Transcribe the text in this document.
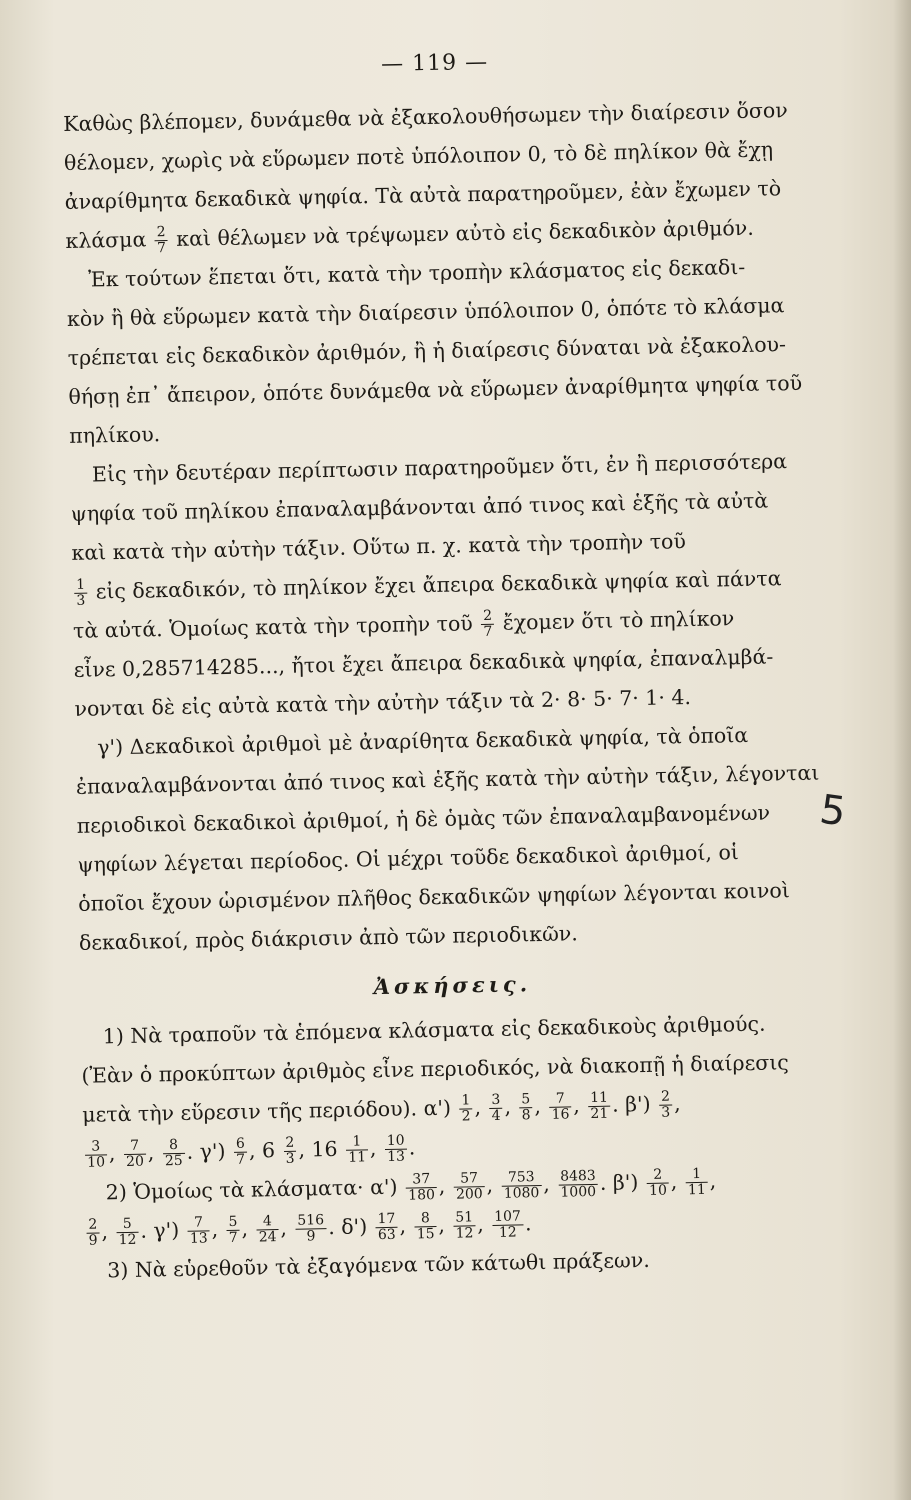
— 119 —
Καθὼς βλέπομεν, δυνάμεθα νὰ ἐξακολουθήσωμεν τὴν διαίρεσιν ὅσον
θέλομεν, χωρὶς νὰ εὕρωμεν ποτὲ ὑπόλοιπον 0, τὸ δὲ πηλίκον θὰ ἔχῃ
ἀναρίθμητα δεκαδικὰ ψηφία. Τὰ αὐτὰ παρατηροῦμεν, ἐὰν ἔχωμεν τὸ
κλάσμα $\frac{2}{7}$ καὶ θέλωμεν νὰ τρέψωμεν αὐτὸ εἰς δεκαδικὸν ἀριθμόν.
Ἐκ τούτων ἕπεται ὅτι, κατὰ τὴν τροπὴν κλάσματος εἰς δεκαδι-
κὸν ἢ θὰ εὕρωμεν κατὰ τὴν διαίρεσιν ὑπόλοιπον 0, ὁπότε τὸ κλάσμα
τρέπεται εἰς δεκαδικὸν ἀριθμόν, ἢ ἡ διαίρεσις δύναται νὰ ἐξακολου-
θήσῃ ἐπ᾽ ἄπειρον, ὁπότε δυνάμεθα νὰ εὕρωμεν ἀναρίθμητα ψηφία τοῦ
πηλίκου.
Εἰς τὴν δευτέραν περίπτωσιν παρατηροῦμεν ὅτι, ἐν ἢ περισσότερα
ψηφία τοῦ πηλίκου ἐπαναλαμβάνονται ἀπό τινος καὶ ἑξῆς τὰ αὐτὰ
καὶ κατὰ τὴν αὐτὴν τάξιν. Οὕτω π. χ. κατὰ τὴν τροπὴν τοῦ
$\frac{1}{3}$ εἰς δεκαδικόν, τὸ πηλίκον ἔχει ἄπειρα δεκαδικὰ ψηφία καὶ πάντα
τὰ αὐτά. Ὁμοίως κατὰ τὴν τροπὴν τοῦ $\frac{2}{7}$ ἔχομεν ὅτι τὸ πηλίκον
εἶνε 0,285714285..., ἤτοι ἔχει ἄπειρα δεκαδικὰ ψηφία, ἐπαναλμβά-
νονται δὲ εἰς αὐτὰ κατὰ τὴν αὐτὴν τάξιν τὰ 2· 8· 5· 7· 1· 4.
γ') Δεκαδικοὶ ἀριθμοὶ μὲ ἀναρίθητα δεκαδικὰ ψηφία, τὰ ὁποῖα
ἐπαναλαμβάνονται ἀπό τινος καὶ ἑξῆς κατὰ τὴν αὐτὴν τάξιν, λέγονται
περιοδικοὶ δεκαδικοὶ ἀριθμοί, ἡ δὲ ὁμὰς τῶν ἐπαναλαμβανομένων
ψηφίων λέγεται περίοδος. Οἱ μέχρι τοῦδε δεκαδικοὶ ἀριθμοί, οἱ
ὁποῖοι ἔχουν ὡρισμένον πλῆθος δεκαδικῶν ψηφίων λέγονται κοινοὶ
δεκαδικοί, πρὸς διάκρισιν ἀπὸ τῶν περιοδικῶν.
Ἀσκήσεις.
1) Νὰ τραποῦν τὰ ἑπόμενα κλάσματα εἰς δεκαδικοὺς ἀριθμούς.
(Ἐὰν ὁ προκύπτων ἀριθμὸς εἶνε περιοδικός, νὰ διακοπῇ ἡ διαίρεσις
μετὰ τὴν εὕρεσιν τῆς περιόδου). $\alpha') \frac{1}{2}$ , $\frac{3}{4}$ , $\frac{5}{8}$ , $\frac{7}{16}$ , $\frac{11}{21}$ . $\beta') \frac{2}{3}$ ,
$\frac{3}{10}$ , $\frac{7}{20}$ , $\frac{8}{25}$ . $\gamma') \frac{6}{7}$ , $6 \frac{2}{3}$ , $16 \frac{1}{11}$ , $\frac{10}{13}$ .
2) Ὁμοίως τὰ $\kappa\lambda ά\sigma\mu\alpha\tau\alpha\cdot \alpha') \frac{37}{180}$ , $\frac{57}{200}$ , $\frac{753}{1080}$ , $\frac{8483}{1000}$ . $\beta') \frac{2}{10}$ , $\frac{1}{11}$ ,
$\frac{2}{9}$ , $\frac{5}{12}$ . $\gamma') \frac{7}{13}$ , $\frac{5}{7}$ , $\frac{4}{24}$ , $\frac{516}{9}$ . $\delta') \frac{17}{63}$ , $\frac{8}{15}$ , $\frac{51}{12}$ , $\frac{107}{12}$ .
3) Νὰ εὑρεθοῦν τὰ ἐξαγόμενα τῶν κάτωθι πράξεων.
5
